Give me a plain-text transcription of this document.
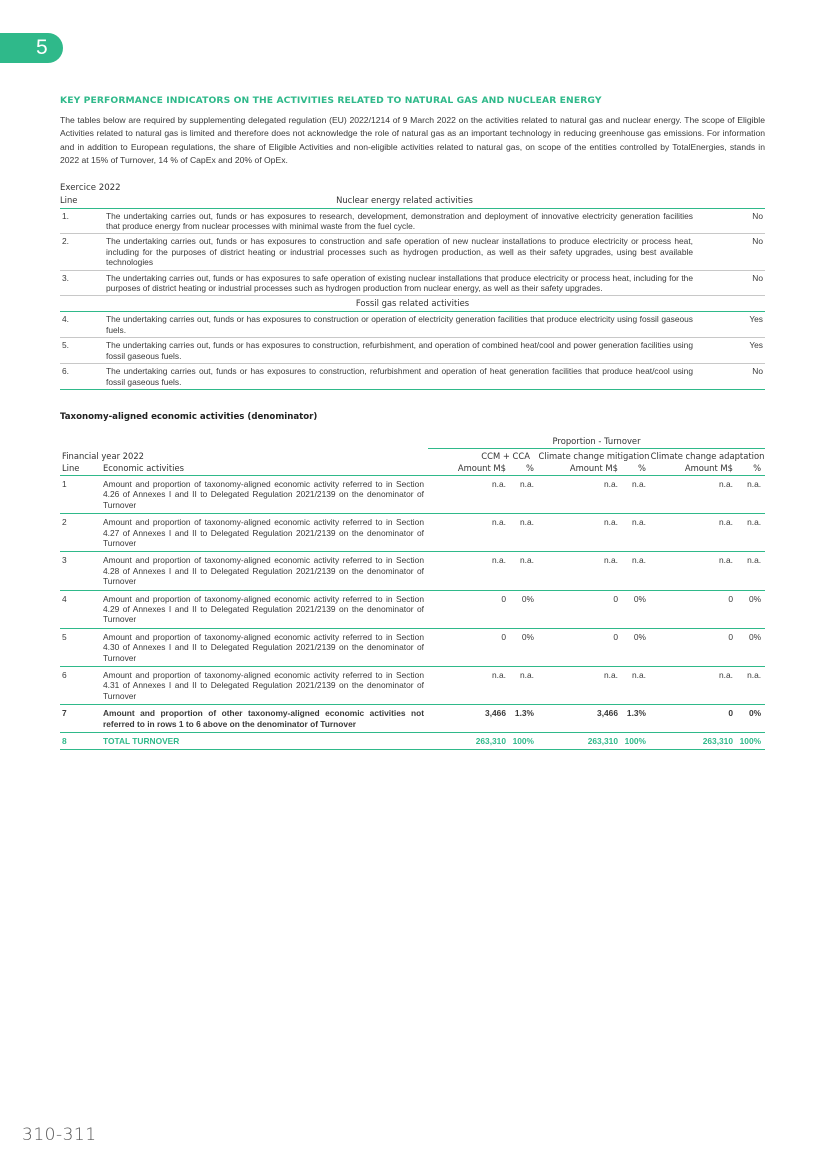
5
KEY PERFORMANCE INDICATORS ON THE ACTIVITIES RELATED TO NATURAL GAS AND NUCLEAR ENERGY

The tables below are required by supplementing delegated regulation (EU) 2022/1214 of 9 March 2022 on the activities related to natural gas and nuclear energy. The scope of Eligible Activities related to natural gas is limited and therefore does not acknowledge the role of natural gas as an important technology in reducing greenhouse gas emissions. For information and in addition to European regulations, the share of Eligible Activities and non-eligible activities related to natural gas, on scope of the entities controlled by TotalEnergies, stands in 2022 at 15% of Turnover, 14 % of CapEx and 20% of OpEx.

Exercice 2022
Line	Nuclear energy related activities	
1.	The undertaking carries out, funds or has exposures to research, development, demonstration and deployment of innovative electricity generation facilities that produce energy from nuclear processes with minimal waste from the fuel cycle.	No
2.	The undertaking carries out, funds or has exposures to construction and safe operation of new nuclear installations to produce electricity or process heat, including for the purposes of district heating or industrial processes such as hydrogen production, as well as their safety upgrades, using best available technologies	No
3.	The undertaking carries out, funds or has exposures to safe operation of existing nuclear installations that produce electricity or process heat, including for the purposes of district heating or industrial processes such as hydrogen production from nuclear energy, as well as their safety upgrades.	No
Fossil gas related activities		
4.	The undertaking carries out, funds or has exposures to construction or operation of electricity generation facilities that produce electricity using fossil gaseous fuels.	Yes
5.	The undertaking carries out, funds or has exposures to construction, refurbishment, and operation of combined heat/cool and power generation facilities using fossil gaseous fuels.	Yes
6.	The undertaking carries out, funds or has exposures to construction, refurbishment and operation of heat generation facilities that produce heat/cool using fossil gaseous fuels.	No
Taxonomy-aligned economic activities (denominator)
		Proportion - Turnover					
Financial year 2022		CCM + CCA		Climate change mitigation		Climate change adaptation	
Line	Economic activities	Amount M$	%	Amount M$	%	Amount M$	%
1	Amount and proportion of taxonomy-aligned economic activity referred to in Section 4.26 of Annexes I and II to Delegated Regulation 2021/2139 on the denominator of Turnover	n.a.	n.a.	n.a.	n.a.	n.a.	n.a.
2	Amount and proportion of taxonomy-aligned economic activity referred to in Section 4.27 of Annexes I and II to Delegated Regulation 2021/2139 on the denominator of Turnover	n.a.	n.a.	n.a.	n.a.	n.a.	n.a.
3	Amount and proportion of taxonomy-aligned economic activity referred to in Section 4.28 of Annexes I and II to Delegated Regulation 2021/2139 on the denominator of Turnover	n.a.	n.a.	n.a.	n.a.	n.a.	n.a.
4	Amount and proportion of taxonomy-aligned economic activity referred to in Section 4.29 of Annexes I and II to Delegated Regulation 2021/2139 on the denominator of Turnover	0	0%	0	0%	0	0%
5	Amount and proportion of taxonomy-aligned economic activity referred to in Section 4.30 of Annexes I and II to Delegated Regulation 2021/2139 on the denominator of Turnover	0	0%	0	0%	0	0%
6	Amount and proportion of taxonomy-aligned economic activity referred to in Section 4.31 of Annexes I and II to Delegated Regulation 2021/2139 on the denominator of Turnover	n.a.	n.a.	n.a.	n.a.	n.a.	n.a.
7	Amount and proportion of other taxonomy-aligned economic activities not referred to in rows 1 to 6 above on the denominator of Turnover	3,466	1.3%	3,466	1.3%	0	0%
8	TOTAL TURNOVER	263,310	100%	263,310	100%	263,310	100%
310-311
